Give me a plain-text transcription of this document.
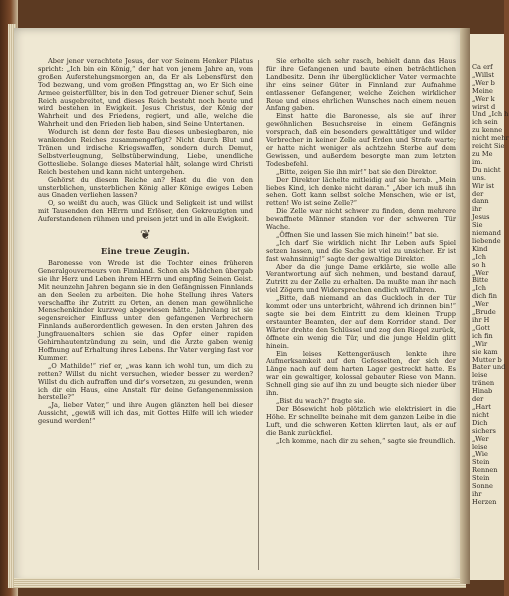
Ca erf
„Willst
„Wer b
Meine
„Wer k
wirst d
Und „Ich h
ich sein
zu kenne
nicht mehr
reicht Sie
zu Me
im.
Du nicht
uns.
Wir ist
der
dann
ihr
Jesus
Sie
niemand
liebende
Kind
„Ich
so h
„Wer
Bitte
„Ich
dich fin
„Wer
„Brude
ihr H
„Gott
ich fin
„Wir
sie kam
Mutter b
Bater und
leise
tränen
Hinab
der
„Hart
nicht
Dich
sichers
„Wer
leise
„Wie
Stein
Rennen
Stein
Sonne
ihr
Herzen

Aber jener verachtete Jesus, der vor Seinem Henker Pilatus spricht: „Ich bin ein König,“ der hat von jenem Jahre an, vom großen Auferstehungsmorgen an, da Er als Lebensfürst den Tod bezwang, und vom großen Pfingsttag an, wo Er Sich eine Armee geisterfüllter, bis in den Tod getreuer Diener schuf, Sein Reich ausgebreitet, und dieses Reich besteht noch heute und wird bestehen in Ewigkeit. Jesus Christus, der König der Wahrheit und des Friedens, regiert, und alle, welche die Wahrheit und den Frieden lieb haben, sind Seine Untertanen.

Wodurch ist denn der feste Bau dieses unbesiegbaren, nie wankenden Reiches zusammengefügt? Nicht durch Blut und Tränen und irdische Kriegswaffen, sondern durch Demut, Selbstverleugnung, Selbstüberwindung, Liebe, unendliche Gottesliebe. Solange dieses Material hält, solange wird Christi Reich bestehen und kann nicht untergehen.

Gehörst du diesem Reiche an? Hast du die von den unsterblichen, unsterblichen König aller Könige ewiges Leben aus Gnaden verliehen lassen?

O, so weißt du auch, was Glück und Seligkeit ist und willst mit Tausenden den HErrn und Erlöser, den Gekreuzigten und Auferstandenen rühmen und preisen jetzt und in alle Ewigkeit.

❦
Eine treue Zeugin.

Baronesse von Wrede ist die Tochter eines früheren Generalgouverneurs von Finnland. Schon als Mädchen übergab sie ihr Herz und Leben ihrem HErrn und empfing Seinen Geist. Mit neunzehn Jahren begann sie in den Gefängnissen Finnlands an den Seelen zu arbeiten. Die hohe Stellung ihres Vaters verschaffte ihr Zutritt zu Orten, an denen man gewöhnliche Menschenkinder kurzweg abgewiesen hätte. Jahrelang ist sie segensreicher Einfluss unter den gefangenen Verbrechern Finnlands außerordentlich gewesen. In den ersten Jahren des Jungfrauenalters schien sie das Opfer einer rapiden Gehirnhautentzündung zu sein, und die Ärzte gaben wenig Hoffnung auf Erhaltung ihres Lebens. Ihr Vater verging fast vor Kummer.

„O Mathilde!“ rief er, „was kann ich wohl tun, um dich zu retten? Willst du nicht versuchen, wieder besser zu werden? Willst du dich aufraffen und dir's vorsetzen, zu gesunden, wenn ich dir ein Haus, eine Anstalt für deine Gefangenenmission herstelle?“

„Ja, lieber Vater,“ und ihre Augen glänzten hell bei dieser Aussicht, „gewiß will ich das, mit Gottes Hilfe will ich wieder gesund werden!“

Sie erholte sich sehr rasch, behielt dann das Haus für ihre Gefangenen und baute einen beträchtlichen Landbesitz. Denn ihr überglücklicher Vater vermachte ihr eins seiner Güter in Finnland zur Aufnahme entlassener Gefangener, welche Zeichen wirklicher Reue und eines ehrlichen Wunsches nach einem neuen Anfang gaben.

Einst hatte die Baronesse, als sie auf ihrer gewöhnlichen Besuchsreise in einem Gefängnis vorsprach, daß ein besonders gewalttätiger und wilder Verbrecher in keiner Zelle auf Erden und Strafe warte; er hatte nicht weniger als achtzehn Sterbe auf dem Gewissen, und außerdem besorgte man zum letzten Todesbefehl.

„Bitte, zeigen Sie ihn mir!“ bat sie den Direktor.

Der Direktor lächelte mitleidig auf sie herab. „Mein liebes Kind, ich denke nicht daran.“ „Aber ich muß ihn sehen. Gott kann selbst solche Menschen, wie er ist, retten! Wo ist seine Zelle?“

Die Zelle war nicht schwer zu finden, denn mehrere bewaffnete Männer standen vor der schweren Tür Wache.

„Öffnen Sie und lassen Sie mich hinein!“ bat sie.

„Ich darf Sie wirklich nicht Ihr Leben aufs Spiel setzen lassen, und die Sache ist viel zu unsicher. Er ist fast wahnsinnig!“ sagte der gewaltige Direktor.

Aber da die junge Dame erklärte, sie wolle alle Verantwortung auf sich nehmen, und bestand darauf, Zutritt zu der Zelle zu erhalten. Da mußte man ihr nach viel Zögern und Widersprechen endlich willfahren.

„Bitte, daß niemand an das Guckloch in der Tür kommt oder uns unterbricht, während ich drinnen bin!“ sagte sie bei dem Eintritt zu dem kleinen Trupp erstaunter Beamten, der auf dem Korridor stand. Der Wärter drehte den Schlüssel und zog den Riegel zurück, öffnete ein wenig die Tür, und die junge Heldin glitt hinein.

Ein leises Kettengeräusch lenkte ihre Aufmerksamkeit auf den Gefesselten, der sich der Länge nach auf dem harten Lager gestreckt hatte. Es war ein gewaltiger, kolossal gebauter Riese von Mann. Schnell ging sie auf ihn zu und beugte sich nieder über ihn.

„Bist du wach?“ fragte sie.

Der Bösewicht hob plötzlich wie elektrisiert in die Höhe. Er schnellte beinahe mit dem ganzen Leibe in die Luft, und die schweren Ketten klirrten laut, als er auf die Bank zurückfiel.

„Ich komme, nach dir zu sehen,“ sagte sie freundlich.
